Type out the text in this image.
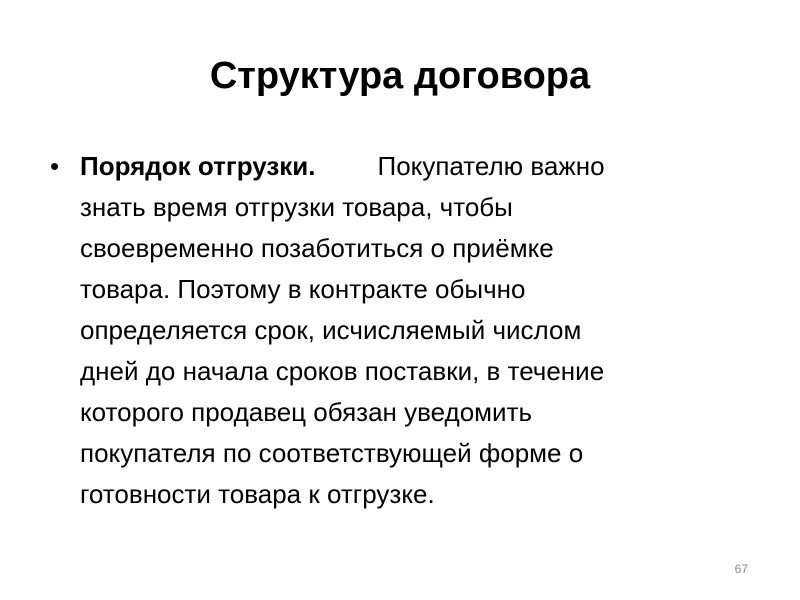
Структура договора
• Порядок отгрузки. Покупателю важно
знать время отгрузки товара, чтобы
своевременно позаботиться о приёмке
товара. Поэтому в контракте обычно
определяется срок, исчисляемый числом
дней до начала сроков поставки, в течение
которого продавец обязан уведомить
покупателя по соответствующей форме о
готовности товара к отгрузке.
67
